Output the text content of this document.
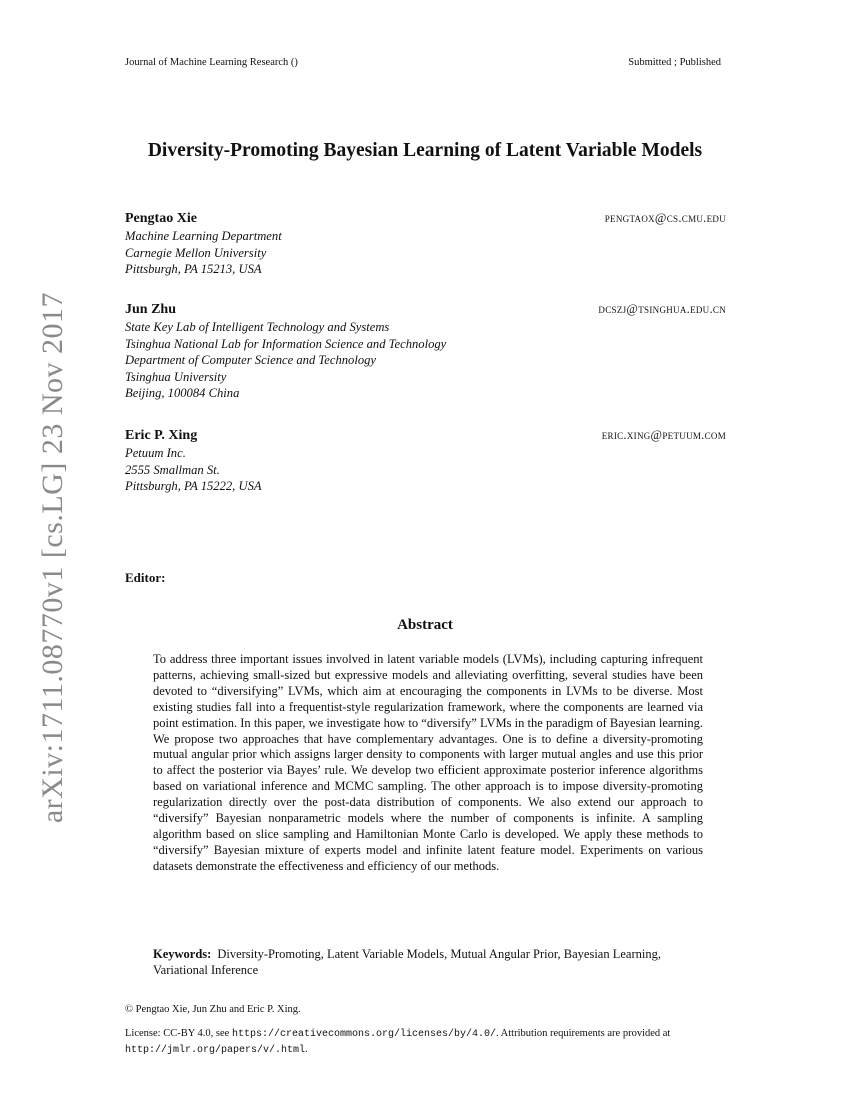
Journal of Machine Learning Research ()	Submitted ; Published
arXiv:1711.08770v1 [cs.LG] 23 Nov 2017
Diversity-Promoting Bayesian Learning of Latent Variable Models
Pengtao Xie	pengtaox@cs.cmu.edu
Machine Learning Department
Carnegie Mellon University
Pittsburgh, PA 15213, USA
Jun Zhu	dcszj@tsinghua.edu.cn
State Key Lab of Intelligent Technology and Systems
Tsinghua National Lab for Information Science and Technology
Department of Computer Science and Technology
Tsinghua University
Beijing, 100084 China
Eric P. Xing	eric.xing@petuum.com
Petuum Inc.
2555 Smallman St.
Pittsburgh, PA 15222, USA
Editor:
Abstract
To address three important issues involved in latent variable models (LVMs), including capturing infrequent patterns, achieving small-sized but expressive models and alleviating overfitting, several studies have been devoted to “diversifying” LVMs, which aim at encouraging the components in LVMs to be diverse. Most existing studies fall into a frequentist-style regularization framework, where the components are learned via point estimation. In this paper, we investigate how to “diversify” LVMs in the paradigm of Bayesian learning. We propose two approaches that have complementary advantages. One is to define a diversity-promoting mutual angular prior which assigns larger density to components with larger mutual angles and use this prior to affect the posterior via Bayes’ rule. We develop two efficient approximate posterior inference algorithms based on variational inference and MCMC sampling. The other approach is to impose diversity-promoting regularization directly over the post-data distribution of components. We also extend our approach to “diversify” Bayesian nonparametric models where the number of components is infinite. A sampling algorithm based on slice sampling and Hamiltonian Monte Carlo is developed. We apply these methods to “diversify” Bayesian mixture of experts model and infinite latent feature model. Experiments on various datasets demonstrate the effectiveness and efficiency of our methods.
Keywords: Diversity-Promoting, Latent Variable Models, Mutual Angular Prior, Bayesian Learning, Variational Inference
© Pengtao Xie, Jun Zhu and Eric P. Xing.
License: CC-BY 4.0, see https://creativecommons.org/licenses/by/4.0/. Attribution requirements are provided at http://jmlr.org/papers/v/.html.
